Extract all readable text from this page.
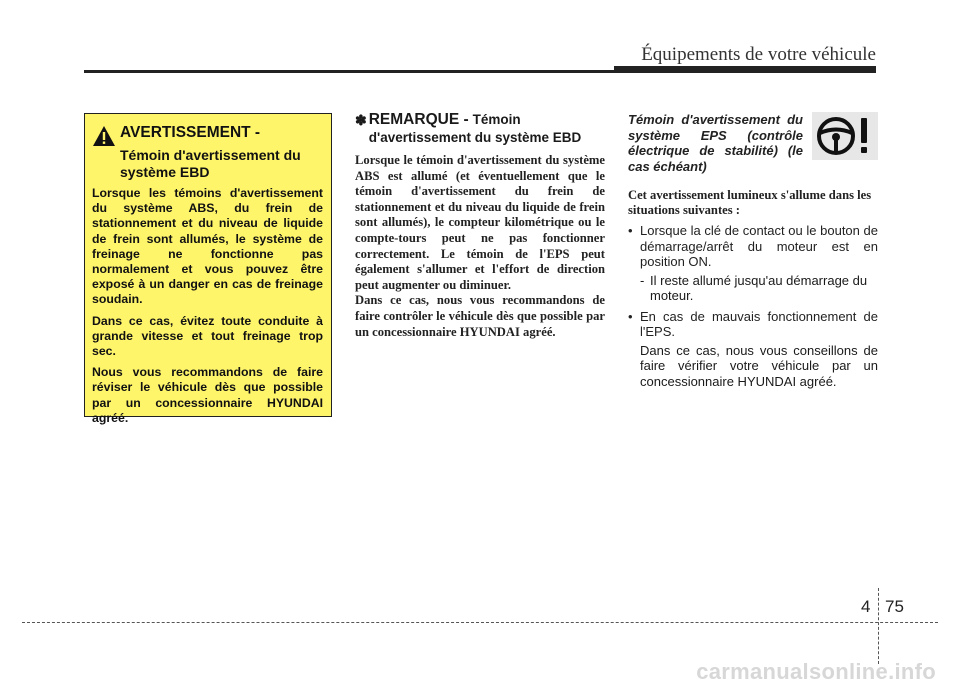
Équipements de votre véhicule
AVERTISSEMENT -
Témoin d'avertissement du système EBD

Lorsque les témoins d'avertissement du système ABS, du frein de stationnement et du niveau de liquide de frein sont allumés, le système de freinage ne fonctionne pas normalement et vous pouvez être exposé à un danger en cas de freinage soudain.

Dans ce cas, évitez toute conduite à grande vitesse et tout freinage trop sec.

Nous vous recommandons de faire réviser le véhicule dès que possible par un concessionnaire HYUNDAI agréé.

✽ REMARQUE - Témoin d'avertissement du système EBD
Lorsque le témoin d'avertissement du système ABS est allumé (et éventuellement que le témoin d'avertissement du frein de stationnement et du niveau du liquide de frein sont allumés), le compteur kilométrique ou le compte-tours peut ne pas fonctionner correctement. Le témoin de l'EPS peut également s'allumer et l'effort de direction peut augmenter ou diminuer.
Dans ce cas, nous vous recommandons de faire contrôler le véhicule dès que possible par un concessionnaire HYUNDAI agréé.
Témoin d'avertissement du système EPS (contrôle électrique de stabilité) (le cas échéant)
Cet avertissement lumineux s'allume dans les situations suivantes :
• Lorsque la clé de contact ou le bouton de démarrage/arrêt du moteur est en position ON.
- Il reste allumé jusqu'au démarrage du moteur.
• En cas de mauvais fonctionnement de l'EPS.
Dans ce cas, nous vous conseillons de faire vérifier votre véhicule par un concessionnaire HYUNDAI agréé.
4 75
carmanualsonline.info
